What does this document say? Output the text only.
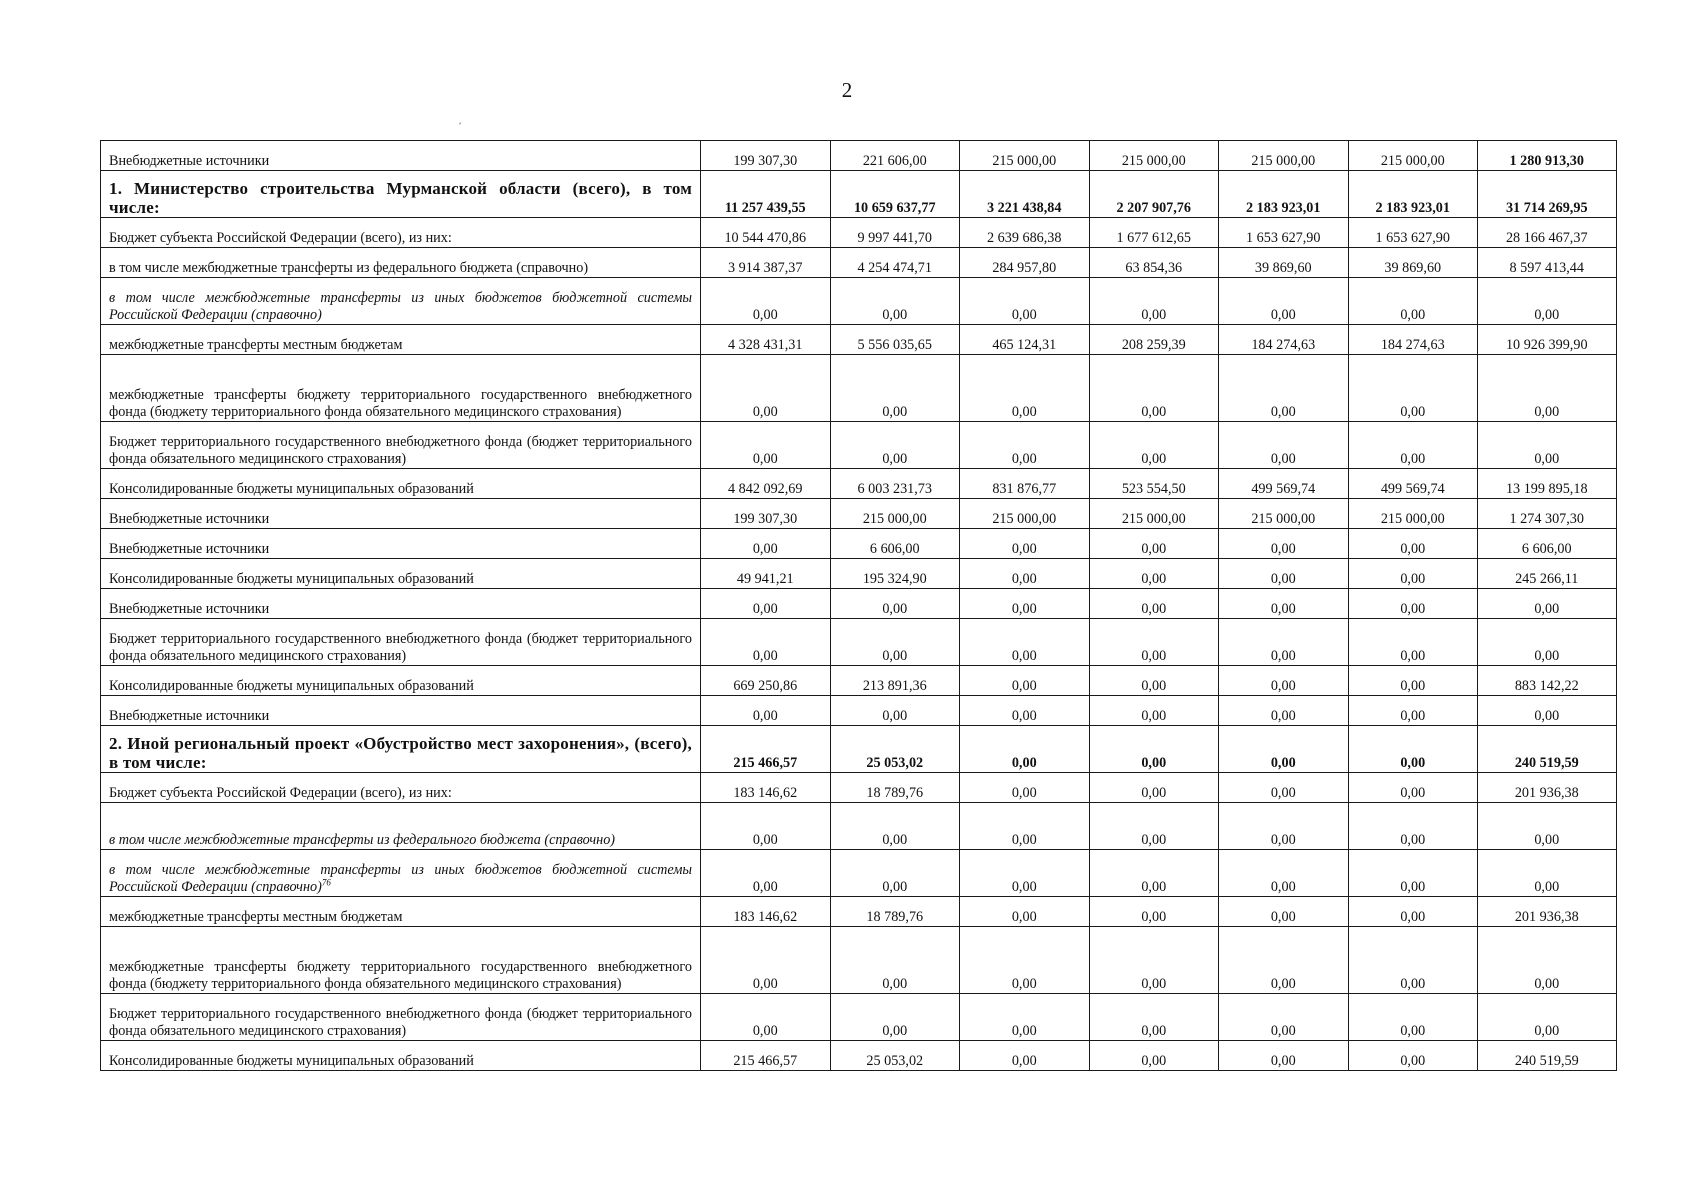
2
´
Внебюджетные источники	199 307,30	221 606,00	215 000,00	215 000,00	215 000,00	215 000,00	1 280 913,30
1. Министерство строительства Мурманской области (всего), в том числе:	11 257 439,55	10 659 637,77	3 221 438,84	2 207 907,76	2 183 923,01	2 183 923,01	31 714 269,95
Бюджет субъекта Российской Федерации (всего), из них:	10 544 470,86	9 997 441,70	2 639 686,38	1 677 612,65	1 653 627,90	1 653 627,90	28 166 467,37
в том числе межбюджетные трансферты из федерального бюджета (справочно)	3 914 387,37	4 254 474,71	284 957,80	63 854,36	39 869,60	39 869,60	8 597 413,44
в том числе межбюджетные трансферты из иных бюджетов бюджетной системы Российской Федерации (справочно)	0,00	0,00	0,00	0,00	0,00	0,00	0,00
межбюджетные трансферты местным бюджетам	4 328 431,31	5 556 035,65	465 124,31	208 259,39	184 274,63	184 274,63	10 926 399,90
межбюджетные трансферты бюджету территориального государственного внебюджетного фонда (бюджету территориального фонда обязательного медицинского страхования)	0,00	0,00	0,00	0,00	0,00	0,00	0,00
Бюджет территориального государственного внебюджетного фонда (бюджет территориального фонда обязательного медицинского страхования)	0,00	0,00	0,00	0,00	0,00	0,00	0,00
Консолидированные бюджеты муниципальных образований	4 842 092,69	6 003 231,73	831 876,77	523 554,50	499 569,74	499 569,74	13 199 895,18
Внебюджетные источники	199 307,30	215 000,00	215 000,00	215 000,00	215 000,00	215 000,00	1 274 307,30
Внебюджетные источники	0,00	6 606,00	0,00	0,00	0,00	0,00	6 606,00
Консолидированные бюджеты муниципальных образований	49 941,21	195 324,90	0,00	0,00	0,00	0,00	245 266,11
Внебюджетные источники	0,00	0,00	0,00	0,00	0,00	0,00	0,00
Бюджет территориального государственного внебюджетного фонда (бюджет территориального фонда обязательного медицинского страхования)	0,00	0,00	0,00	0,00	0,00	0,00	0,00
Консолидированные бюджеты муниципальных образований	669 250,86	213 891,36	0,00	0,00	0,00	0,00	883 142,22
Внебюджетные источники	0,00	0,00	0,00	0,00	0,00	0,00	0,00
2. Иной региональный проект «Обустройство мест захоронения», (всего), в том числе:	215 466,57	25 053,02	0,00	0,00	0,00	0,00	240 519,59
Бюджет субъекта Российской Федерации (всего), из них:	183 146,62	18 789,76	0,00	0,00	0,00	0,00	201 936,38
в том числе межбюджетные трансферты из федерального бюджета (справочно)	0,00	0,00	0,00	0,00	0,00	0,00	0,00
в том числе межбюджетные трансферты из иных бюджетов бюджетной системы Российской Федерации (справочно)$^{76}$	0,00	0,00	0,00	0,00	0,00	0,00	0,00
межбюджетные трансферты местным бюджетам	183 146,62	18 789,76	0,00	0,00	0,00	0,00	201 936,38
межбюджетные трансферты бюджету территориального государственного внебюджетного фонда (бюджету территориального фонда обязательного медицинского страхования)	0,00	0,00	0,00	0,00	0,00	0,00	0,00
Бюджет территориального государственного внебюджетного фонда (бюджет территориального фонда обязательного медицинского страхования)	0,00	0,00	0,00	0,00	0,00	0,00	0,00
Консолидированные бюджеты муниципальных образований	215 466,57	25 053,02	0,00	0,00	0,00	0,00	240 519,59
